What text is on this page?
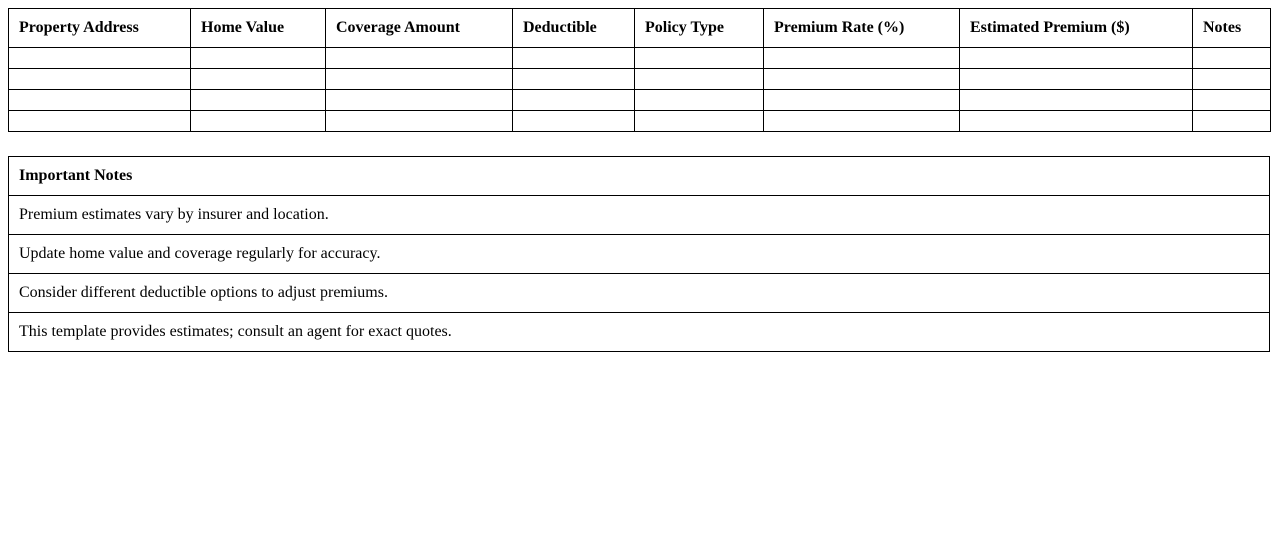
Property Address	Home Value	Coverage Amount	Deductible	Policy Type	Premium Rate (%)	Estimated Premium ($)	Notes

Important Notes
Premium estimates vary by insurer and location.
Update home value and coverage regularly for accuracy.
Consider different deductible options to adjust premiums.
This template provides estimates; consult an agent for exact quotes.
